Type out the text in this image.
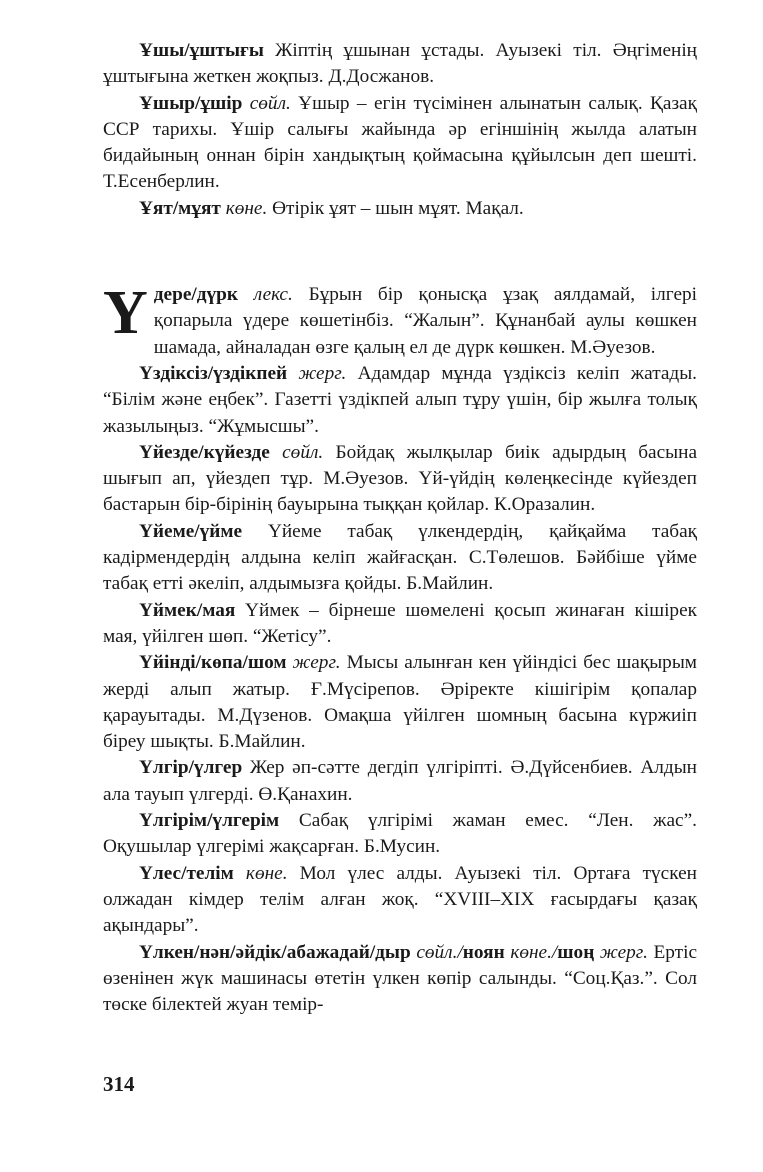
Ұшы/ұштығы Жіптің ұшынан ұстады. Ауызекі тіл. Әңгіменің ұштығына жеткен жоқпыз. Д.Досжанов.

Ұшыр/ұшір сөйл. Ұшыр – егін түсімінен алынатын салық. Қазақ ССР тарихы. Ұшір салығы жайында әр егіншінің жылда алатын бидайының оннан бірін хандықтың қоймасына құйылсын деп шешті. Т.Есенберлин.

Ұят/мұят көне. Өтірік ұят – шын мұят. Мақал.

Үдере/дүрк лекс. Бұрын бір қонысқа ұзақ аялдамай, ілгері қопарыла үдере көшетінбіз. “Жалын”. Құнанбай аулы көшкен шамада, айналадан өзге қалың ел де дүрк көшкен. М.Әуезов.

Үздіксіз/үздікпей жерг. Адамдар мұнда үздіксіз келіп жатады. “Білім және еңбек”. Газетті үздікпей алып тұру үшін, бір жылға толық жазылыңыз. “Жұмысшы”.

Үйезде/күйезде сөйл. Бойдақ жылқылар биік адырдың басына шығып ап, үйездеп тұр. М.Әуезов. Үй-үйдің көлеңкесінде күйездеп бастарын бір-бірінің бауырына тыққан қойлар. К.Оразалин.

Үйеме/үйме Үйеме табақ үлкендердің, қайқайма табақ кадірмендердің алдына келіп жайғасқан. С.Төлешов. Бәйбіше үйме табақ етті әкеліп, алдымызға қойды. Б.Майлин.

Үймек/мая Үймек – бірнеше шөмелені қосып жинаған кішірек мая, үйілген шөп. “Жетісу”.

Үйінді/көпа/шом жерг. Мысы алынған кен үйіндісі бес шақырым жерді алып жатыр. Ғ.Мүсірепов. Әріректе кішігірім қопалар қарауытады. М.Дүзенов. Омақша үйілген шомның басына күржиіп біреу шықты. Б.Майлин.

Үлгір/үлгер Жер әп-сәтте дегдіп үлгіріпті. Ә.Дүйсенбиев. Алдын ала тауып үлгерді. Ө.Қанахин.

Үлгірім/үлгерім Сабақ үлгірімі жаман емес. “Лен. жас”. Оқушылар үлгерімі жақсарған. Б.Мусин.

Үлес/телім көне. Мол үлес алды. Ауызекі тіл. Ортаға түскен олжадан кімдер телім алған жоқ. “XVIII–XIX ғасырдағы қазақ ақындары”.

Үлкен/нән/әйдік/абажадай/дыр сөйл./ноян көне./шоң жерг. Ертіс өзенінен жүк машинасы өтетін үлкен көпір салынды. “Соц.Қаз.”. Сол төске білектей жуан темір-

314
